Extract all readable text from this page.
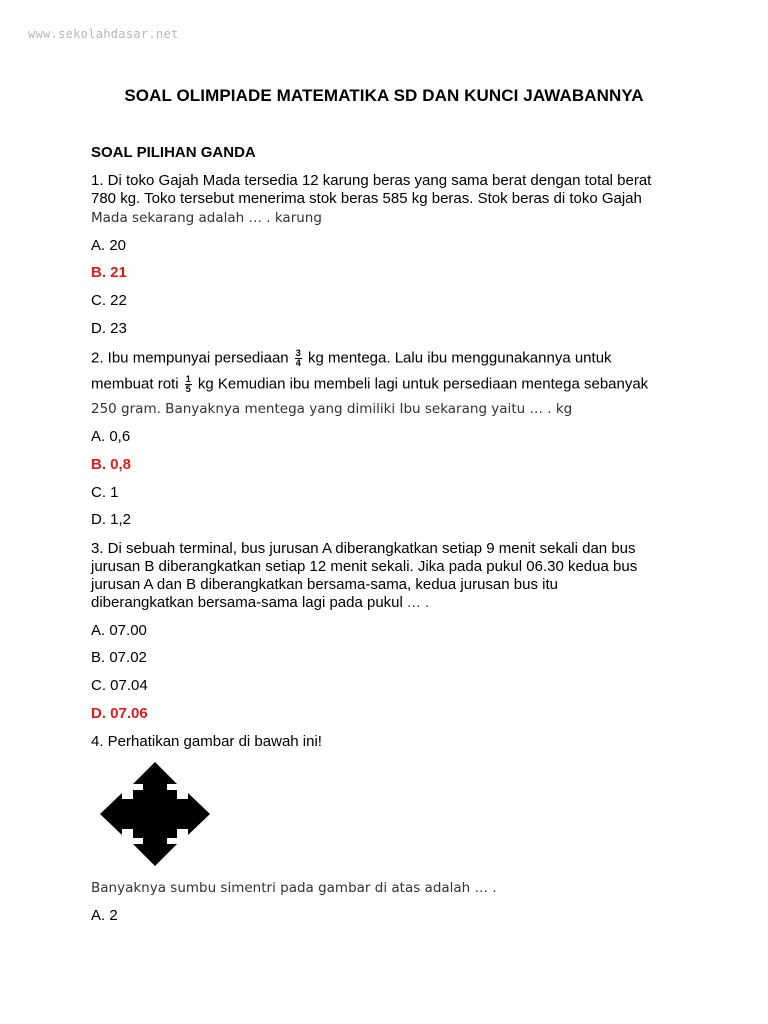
www.sekolahdasar.net
SOAL OLIMPIADE MATEMATIKA SD DAN KUNCI JAWABANNYA
SOAL PILIHAN GANDA
1. Di toko Gajah Mada tersedia 12 karung beras yang sama berat dengan total berat
780 kg. Toko tersebut menerima stok beras 585 kg beras. Stok beras di toko Gajah
Mada sekarang adalah … . karung
A. 20
B. 21
C. 22
D. 23
2. Ibu mempunyai persediaan $\frac{3}{4}$ kg mentega. Lalu ibu menggunakannya untuk
membuat roti $\frac{1}{5}$ kg Kemudian ibu membeli lagi untuk persediaan mentega sebanyak
250 gram. Banyaknya mentega yang dimiliki Ibu sekarang yaitu … . kg
A. 0,6
B. 0,8
C. 1
D. 1,2
3. Di sebuah terminal, bus jurusan A diberangkatkan setiap 9 menit sekali dan bus
jurusan B diberangkatkan setiap 12 menit sekali. Jika pada pukul 06.30 kedua bus
jurusan A dan B diberangkatkan bersama-sama, kedua jurusan bus itu
diberangkatkan bersama-sama lagi pada pukul … .
A. 07.00
B. 07.02
C. 07.04
D. 07.06
4. Perhatikan gambar di bawah ini!
Banyaknya sumbu simentri pada gambar di atas adalah … .
A. 2
